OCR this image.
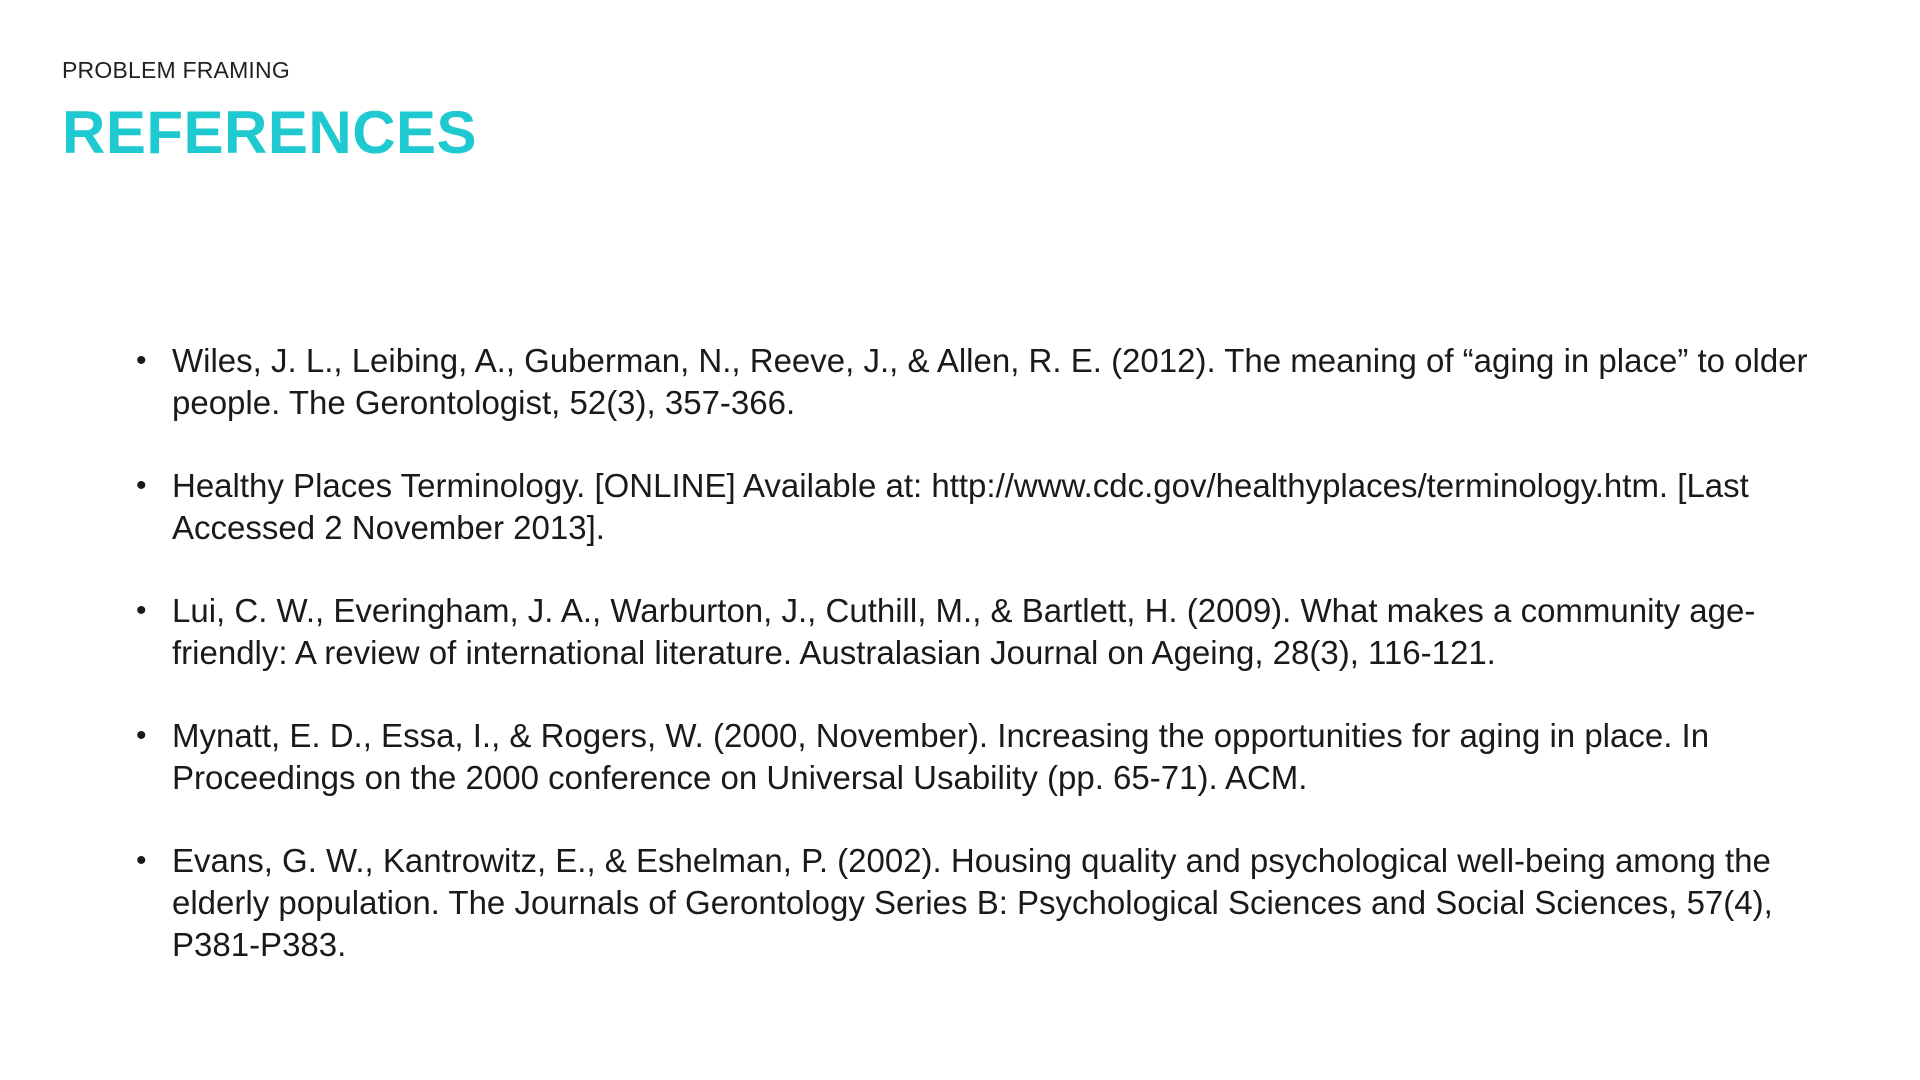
PROBLEM FRAMING
REFERENCES
• Wiles, J. L., Leibing, A., Guberman, N., Reeve, J., & Allen, R. E. (2012). The meaning of “aging in place” to older people. The Gerontologist, 52(3), 357-366.
• Healthy Places Terminology. [ONLINE] Available at: http://www.cdc.gov/healthyplaces/terminology.htm. [Last Accessed 2 November 2013].
• Lui, C. W., Everingham, J. A., Warburton, J., Cuthill, M., & Bartlett, H. (2009). What makes a community age-friendly: A review of international literature. Australasian Journal on Ageing, 28(3), 116-121.
• Mynatt, E. D., Essa, I., & Rogers, W. (2000, November). Increasing the opportunities for aging in place. In Proceedings on the 2000 conference on Universal Usability (pp. 65-71). ACM.
• Evans, G. W., Kantrowitz, E., & Eshelman, P. (2002). Housing quality and psychological well-being among the elderly population. The Journals of Gerontology Series B: Psychological Sciences and Social Sciences, 57(4), P381-P383.
